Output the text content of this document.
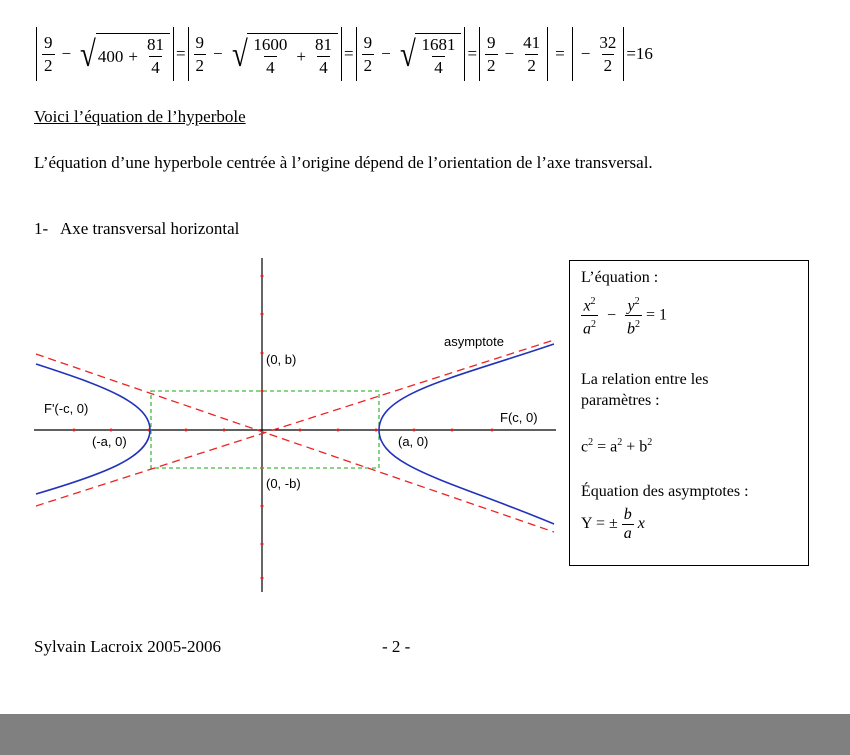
$\frac{9}{2}$ − √ $400 + \frac{81}{4} = \frac{9}{2}$ − √ $\frac{1600}{4} + \frac{81}{4} = \frac{9}{2}$ − √ $\frac{1681}{4} = \frac{9}{2} - \frac{41}{2}$ = − $\frac{32}{2} =16$
Voici l’équation de l’hyperbole
L’équation d’une hyperbole centrée à l’origine dépend de l’orientation de l’axe transversal.
1- Axe transversal horizontal
asymptote
(0, b)
(0, -b)
F'(-c, 0)
F(c, 0)
(-a, 0)	(a, 0)
L’équation :
$\frac{x^2}{a^2} - \frac{y^2}{b^2} = 1$
La relation entre les
paramètres :
$c^2 = a^2 + b^2$
Équation des asymptotes :
Y = ± $\frac{b}{a}$ x
Sylvain Lacroix 2005-2006	- 2 -
